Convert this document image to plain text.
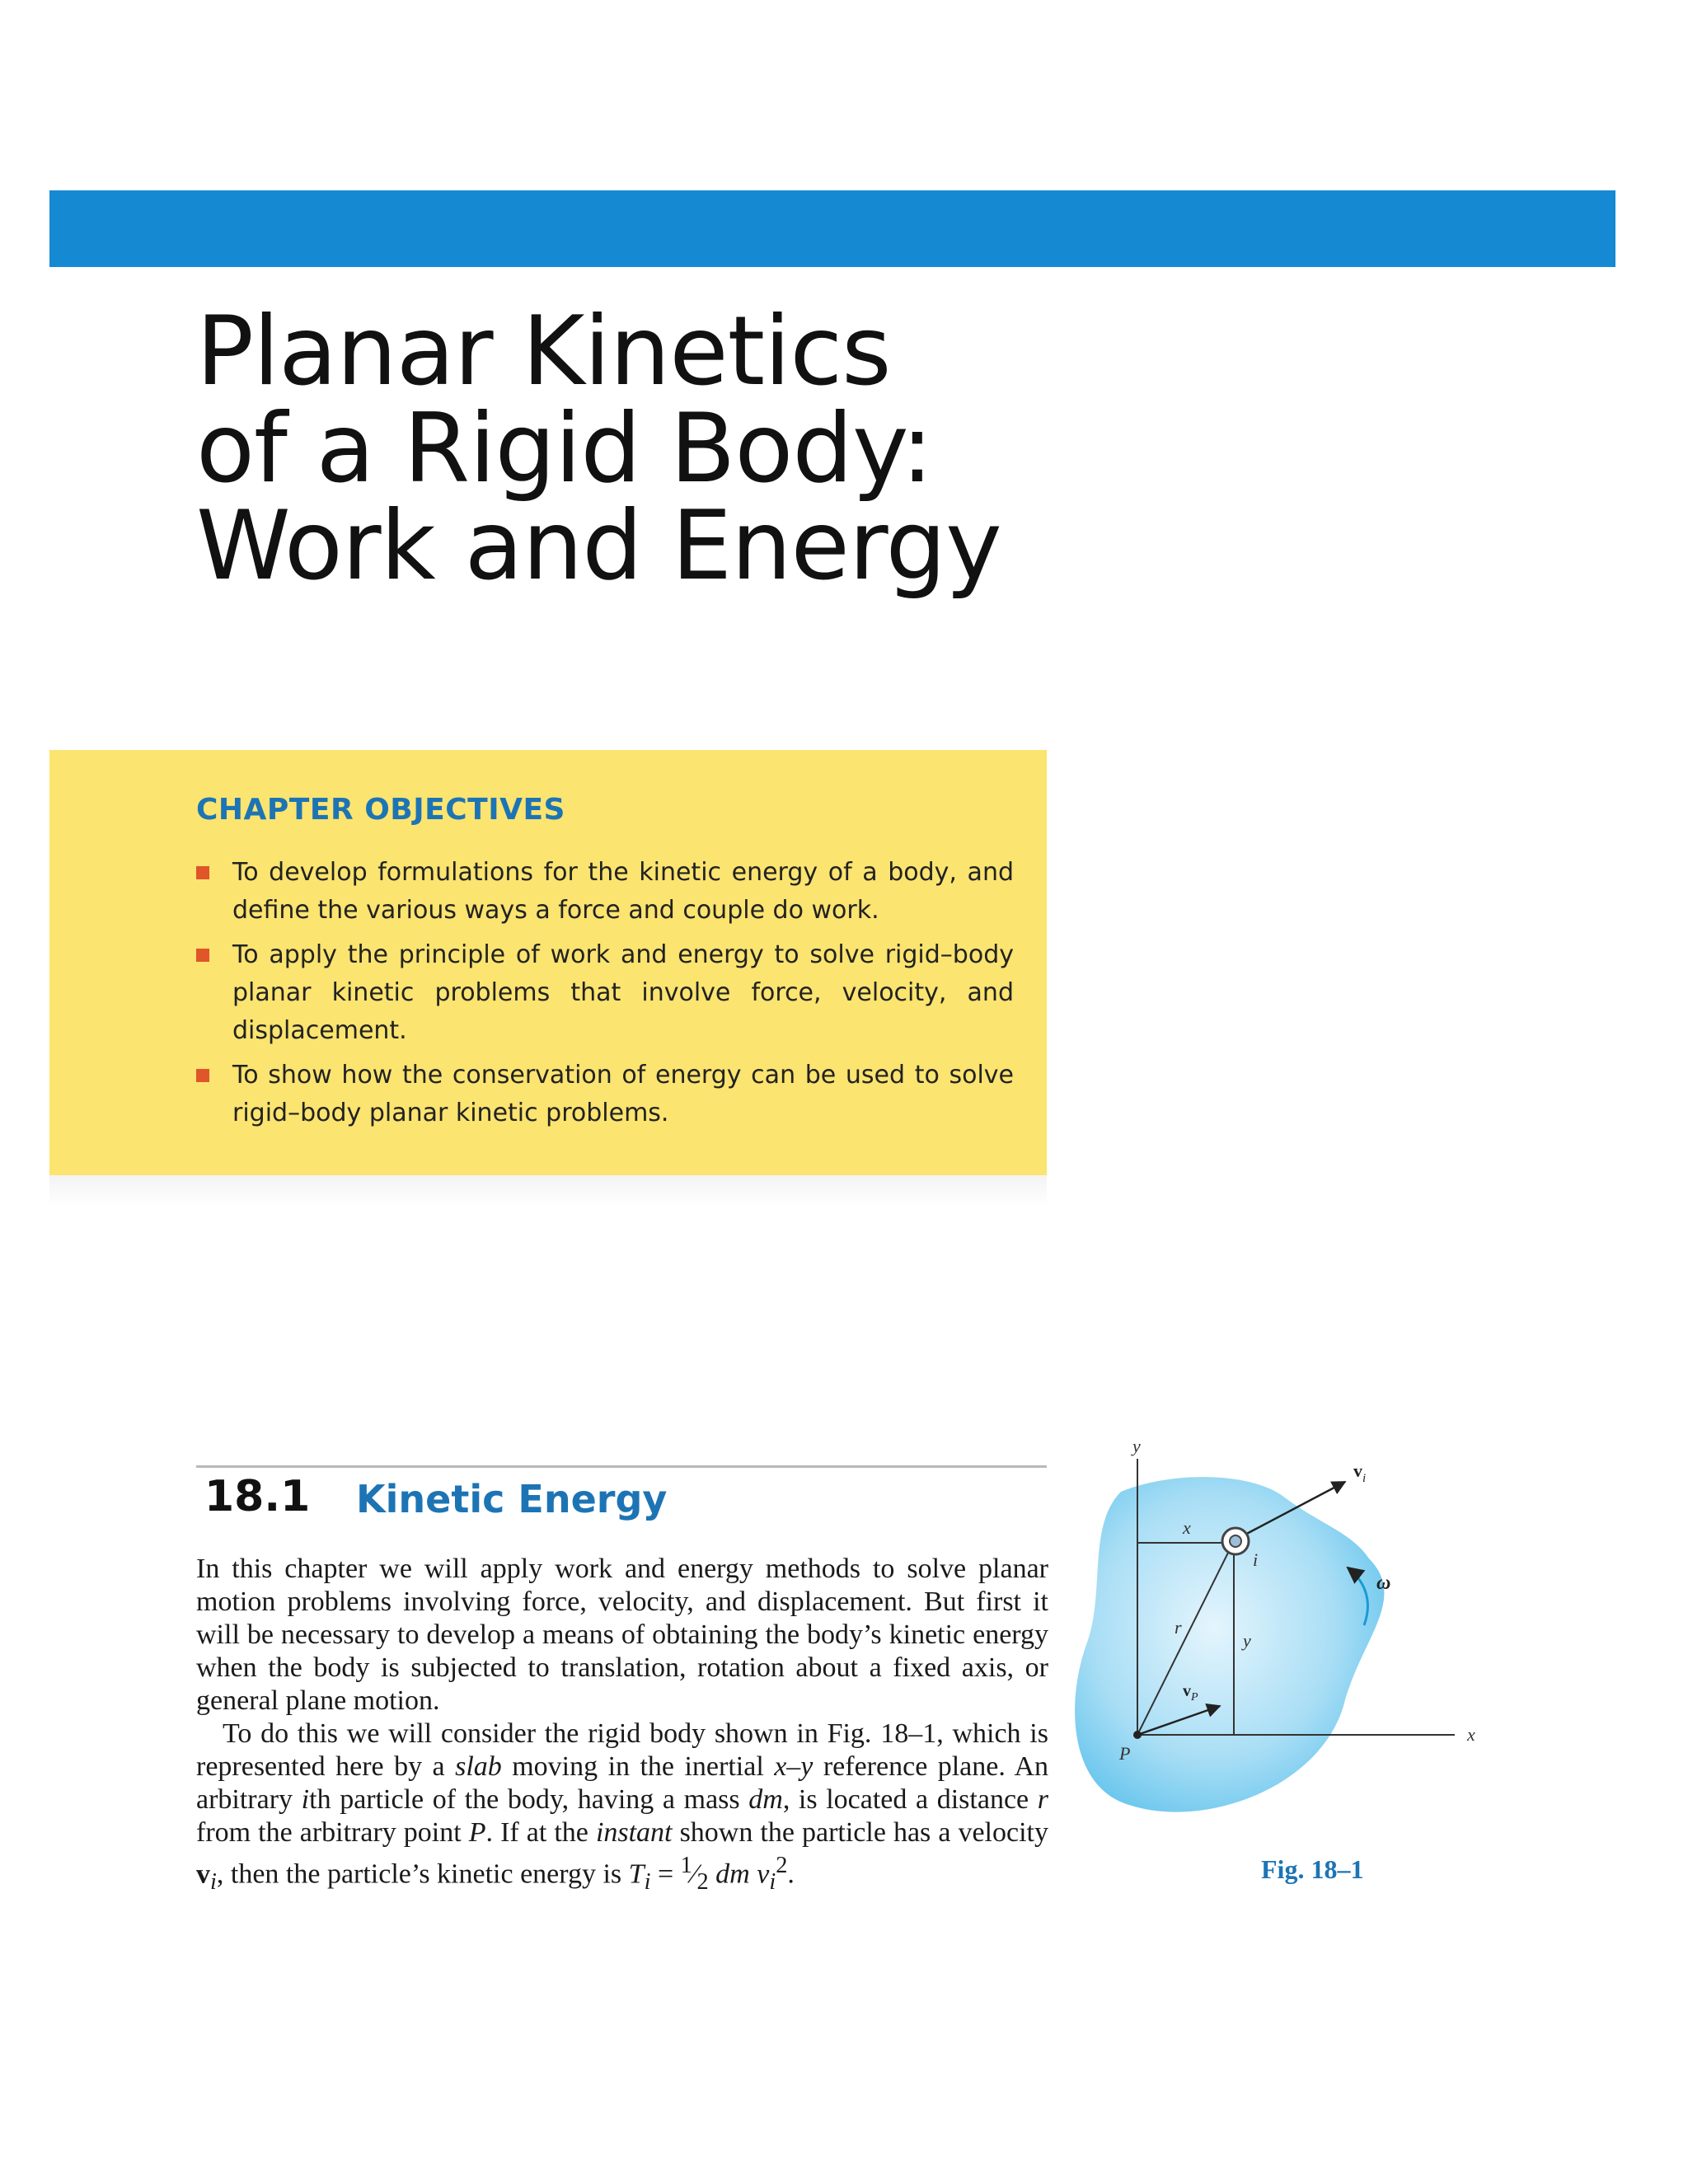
Planar Kinetics
of a Rigid Body:
Work and Energy
CHAPTER OBJECTIVES
To develop formulations for the kinetic energy of a body, and define the various ways a force and couple do work.
To apply the principle of work and energy to solve rigid–body planar kinetic problems that involve force, velocity, and displacement.
To show how the conservation of energy can be used to solve rigid–body planar kinetic problems.
18.1 Kinetic Energy

In this chapter we will apply work and energy methods to solve planar motion problems involving force, velocity, and displacement. But first it will be necessary to develop a means of obtaining the body’s kinetic energy when the body is subjected to translation, rotation about a fixed axis, or general plane motion.

To do this we will consider the rigid body shown in Fig. 18–1, which is represented here by a slab moving in the inertial x–y reference plane. An arbitrary ith particle of the body, having a mass dm, is located a distance r from the arbitrary point P. If at the instant shown the particle has a velocity $v_i$, then the particle’s kinetic energy is $T_i$ = $^1⁄_2$ dm $v_i^2$.

y
x
x
y
r
$v_i$
$v_P$
i
ω
P
Fig. 18–1
